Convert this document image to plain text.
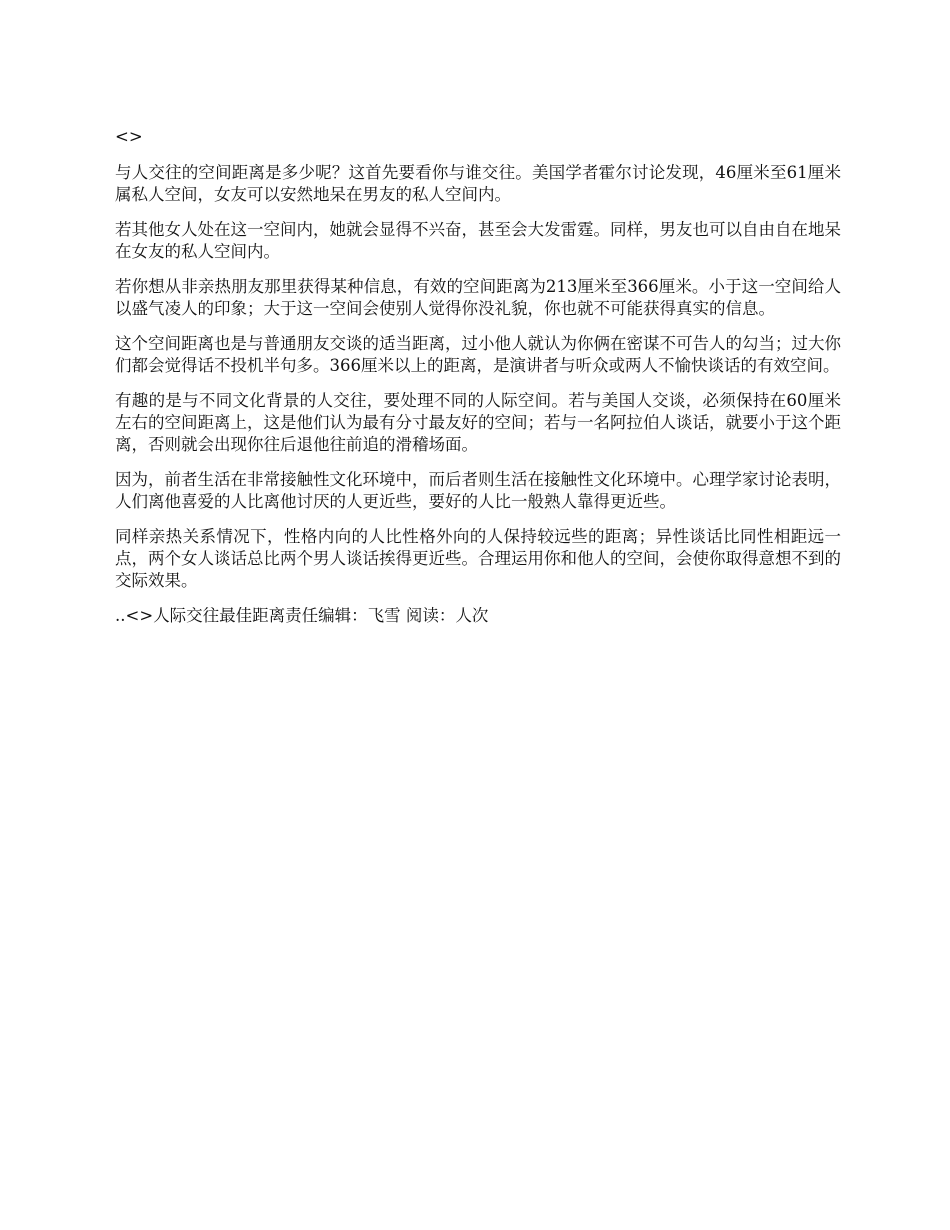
<>

与人交往的空间距离是多少呢？这首先要看你与谁交往。美国学者霍尔讨论发现，46厘米至61厘米属私人空间，女友可以安然地呆在男友的私人空间内。

若其他女人处在这一空间内，她就会显得不兴奋，甚至会大发雷霆。同样，男友也可以自由自在地呆在女友的私人空间内。

若你想从非亲热朋友那里获得某种信息，有效的空间距离为213厘米至366厘米。小于这一空间给人以盛气凌人的印象；大于这一空间会使别人觉得你没礼貌，你也就不可能获得真实的信息。

这个空间距离也是与普通朋友交谈的适当距离，过小他人就认为你俩在密谋不可告人的勾当；过大你们都会觉得话不投机半句多。366厘米以上的距离，是演讲者与听众或两人不愉快谈话的有效空间。

有趣的是与不同文化背景的人交往，要处理不同的人际空间。若与美国人交谈，必须保持在60厘米左右的空间距离上，这是他们认为最有分寸最友好的空间；若与一名阿拉伯人谈话，就要小于这个距离，否则就会出现你往后退他往前追的滑稽场面。

因为，前者生活在非常接触性文化环境中，而后者则生活在接触性文化环境中。心理学家讨论表明，人们离他喜爱的人比离他讨厌的人更近些，要好的人比一般熟人靠得更近些。

同样亲热关系情况下，性格内向的人比性格外向的人保持较远些的距离；异性谈话比同性相距远一点，两个女人谈话总比两个男人谈话挨得更近些。合理运用你和他人的空间，会使你取得意想不到的交际效果。

..<>人际交往最佳距离责任编辑：飞雪 阅读：人次
